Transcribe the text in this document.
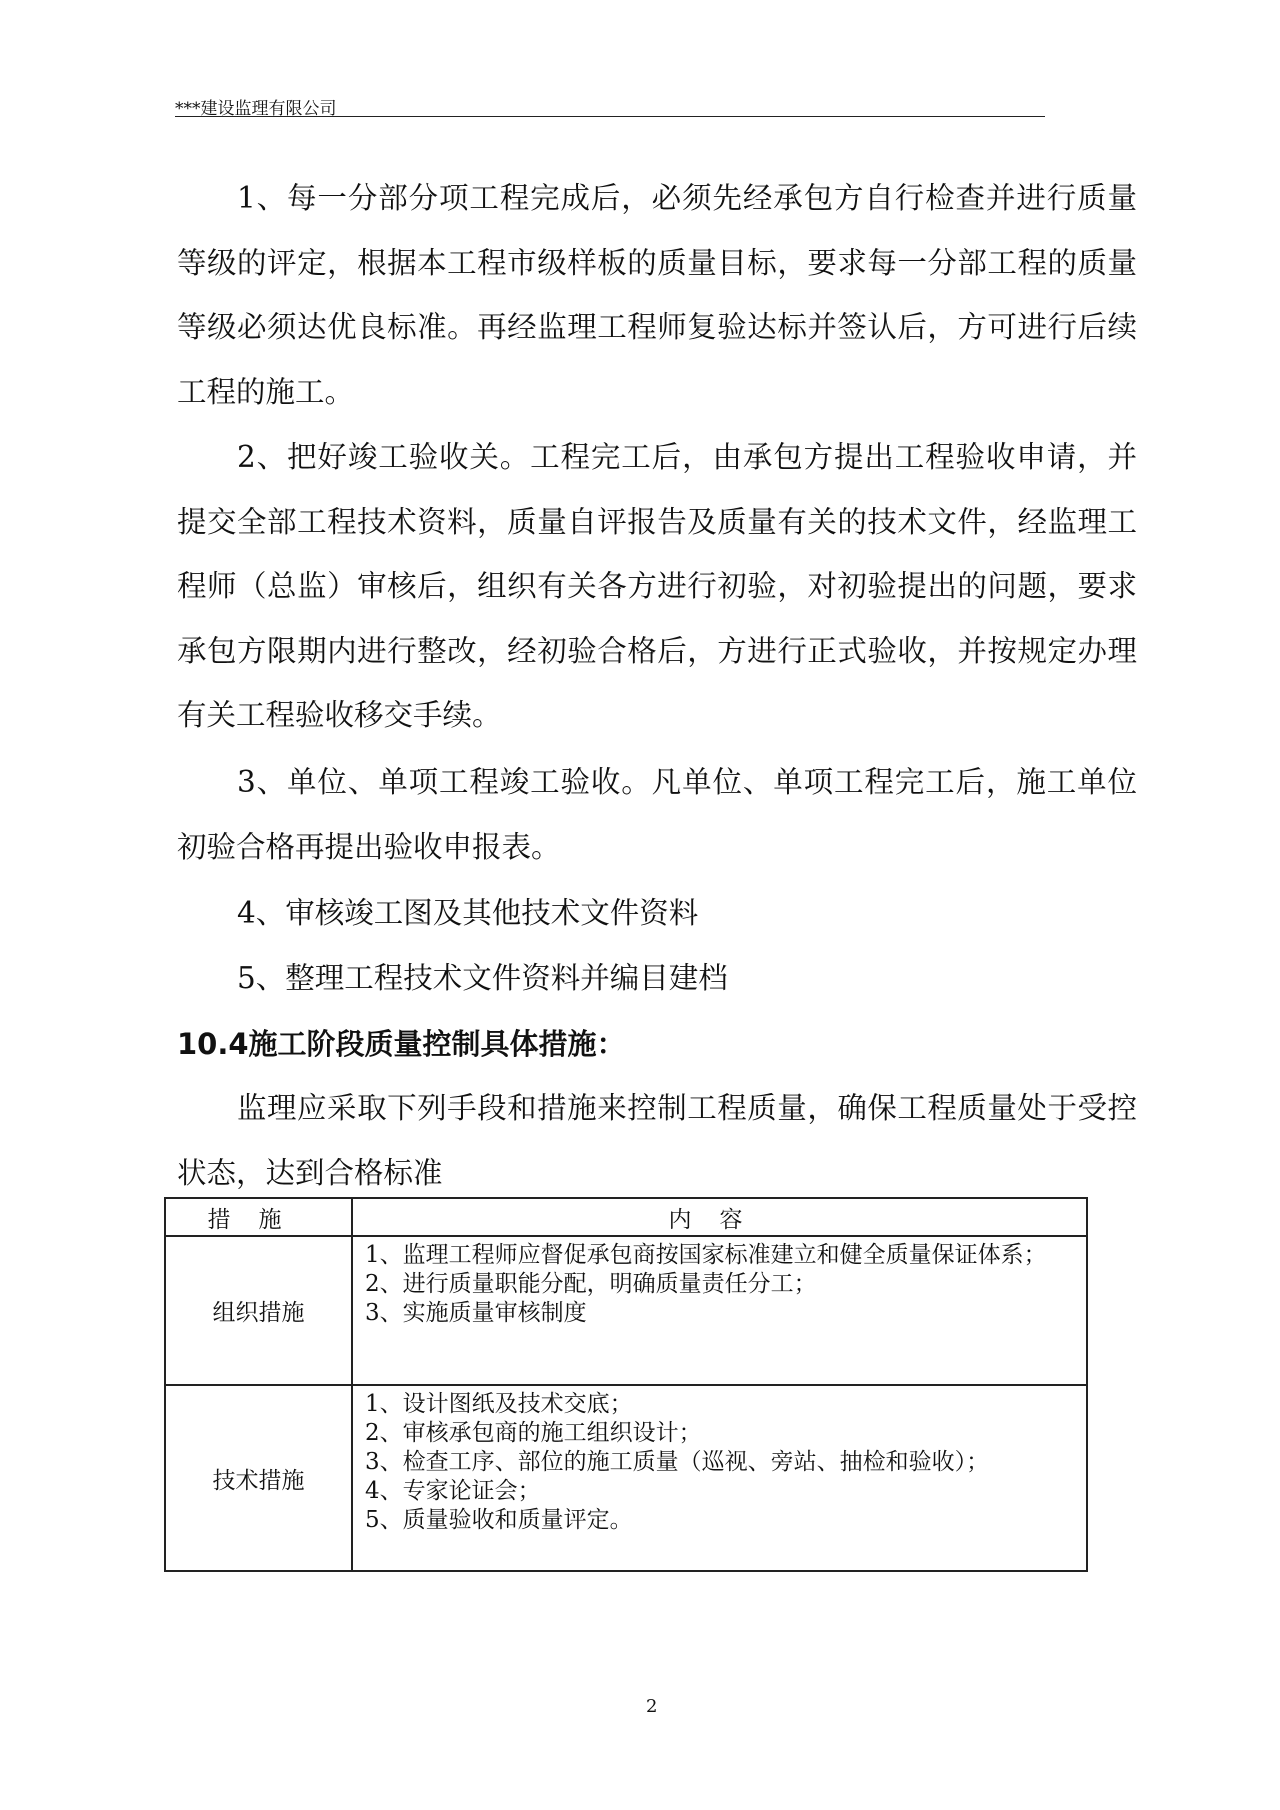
***建设监理有限公司
1、每一分部分项工程完成后，必须先经承包方自行检查并进行质量等级的评定，根据本工程市级样板的质量目标，要求每一分部工程的质量等级必须达优良标准。再经监理工程师复验达标并签认后，方可进行后续工程的施工。
2、把好竣工验收关。工程完工后，由承包方提出工程验收申请，并提交全部工程技术资料，质量自评报告及质量有关的技术文件，经监理工程师（总监）审核后，组织有关各方进行初验，对初验提出的问题，要求承包方限期内进行整改，经初验合格后，方进行正式验收，并按规定办理有关工程验收移交手续。
3、单位、单项工程竣工验收。凡单位、单项工程完工后，施工单位初验合格再提出验收申报表。
4、审核竣工图及其他技术文件资料
5、整理工程技术文件资料并编目建档
10.4施工阶段质量控制具体措施：
监理应采取下列手段和措施来控制工程质量，确保工程质量处于受控状态，达到合格标准
措施	内容
组织措施	1、监理工程师应督促承包商按国家标准建立和健全质量保证体系；
2、进行质量职能分配，明确质量责任分工；
3、实施质量审核制度

技术措施	1、设计图纸及技术交底；
2、审核承包商的施工组织设计；
3、检查工序、部位的施工质量（巡视、旁站、抽检和验收）；
4、专家论证会；
5、质量验收和质量评定。
2
